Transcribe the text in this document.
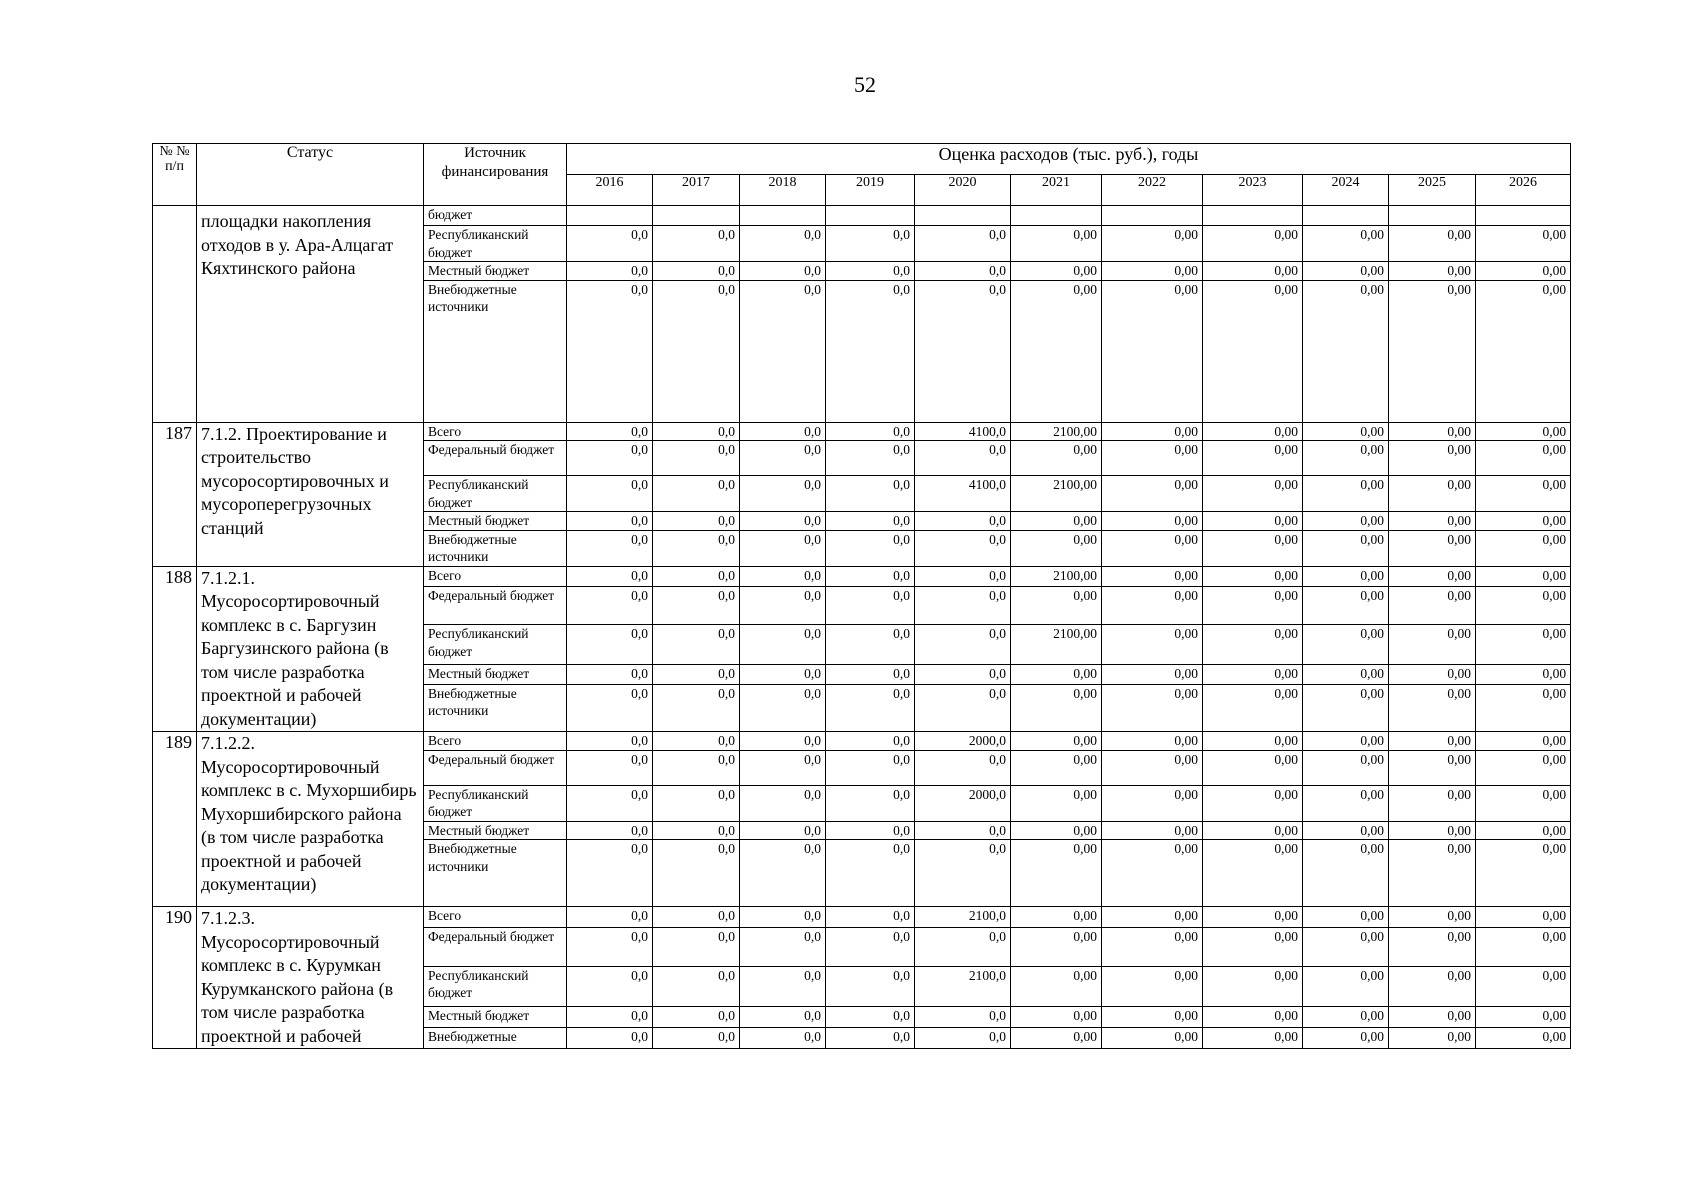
52
№ № п/п	Статус	Источник финансирования	Оценка расходов (тыс. руб.), годы										
			2016	2017	2018	2019	2020	2021	2022	2023	2024	2025	2026
	площадки накопления отходов в у. Ара-Алцагат Кяхтинского района	бюджет											
		Республиканский бюджет	0,0	0,0	0,0	0,0	0,0	0,00	0,00	0,00	0,00	0,00	0,00
		Местный бюджет	0,0	0,0	0,0	0,0	0,0	0,00	0,00	0,00	0,00	0,00	0,00
		Внебюджетные источники	0,0	0,0	0,0	0,0	0,0	0,00	0,00	0,00	0,00	0,00	0,00
187	7.1.2. Проектирование и строительство мусоросортировочных и мусороперегрузочных станций	Всего	0,0	0,0	0,0	0,0	4100,0	2100,00	0,00	0,00	0,00	0,00	0,00
		Федеральный бюджет	0,0	0,0	0,0	0,0	0,0	0,00	0,00	0,00	0,00	0,00	0,00
		Республиканский бюджет	0,0	0,0	0,0	0,0	4100,0	2100,00	0,00	0,00	0,00	0,00	0,00
		Местный бюджет	0,0	0,0	0,0	0,0	0,0	0,00	0,00	0,00	0,00	0,00	0,00
		Внебюджетные источники	0,0	0,0	0,0	0,0	0,0	0,00	0,00	0,00	0,00	0,00	0,00
188	7.1.2.1. Мусоросортировочный комплекс в с. Баргузин Баргузинского района (в том числе разработка проектной и рабочей документации)	Всего	0,0	0,0	0,0	0,0	0,0	2100,00	0,00	0,00	0,00	0,00	0,00
		Федеральный бюджет	0,0	0,0	0,0	0,0	0,0	0,00	0,00	0,00	0,00	0,00	0,00
		Республиканский бюджет	0,0	0,0	0,0	0,0	0,0	2100,00	0,00	0,00	0,00	0,00	0,00
		Местный бюджет	0,0	0,0	0,0	0,0	0,0	0,00	0,00	0,00	0,00	0,00	0,00
		Внебюджетные источники	0,0	0,0	0,0	0,0	0,0	0,00	0,00	0,00	0,00	0,00	0,00
189	7.1.2.2. Мусоросортировочный комплекс в с. Мухоршибирь Мухоршибирского района (в том числе разработка проектной и рабочей документации)	Всего	0,0	0,0	0,0	0,0	2000,0	0,00	0,00	0,00	0,00	0,00	0,00
		Федеральный бюджет	0,0	0,0	0,0	0,0	0,0	0,00	0,00	0,00	0,00	0,00	0,00
		Республиканский бюджет	0,0	0,0	0,0	0,0	2000,0	0,00	0,00	0,00	0,00	0,00	0,00
		Местный бюджет	0,0	0,0	0,0	0,0	0,0	0,00	0,00	0,00	0,00	0,00	0,00
		Внебюджетные источники	0,0	0,0	0,0	0,0	0,0	0,00	0,00	0,00	0,00	0,00	0,00
190	7.1.2.3. Мусоросортировочный комплекс в с. Курумкан Курумканского района (в том числе разработка проектной и рабочей	Всего	0,0	0,0	0,0	0,0	2100,0	0,00	0,00	0,00	0,00	0,00	0,00
		Федеральный бюджет	0,0	0,0	0,0	0,0	0,0	0,00	0,00	0,00	0,00	0,00	0,00
		Республиканский бюджет	0,0	0,0	0,0	0,0	2100,0	0,00	0,00	0,00	0,00	0,00	0,00
		Местный бюджет	0,0	0,0	0,0	0,0	0,0	0,00	0,00	0,00	0,00	0,00	0,00
		Внебюджетные	0,0	0,0	0,0	0,0	0,0	0,00	0,00	0,00	0,00	0,00	0,00
